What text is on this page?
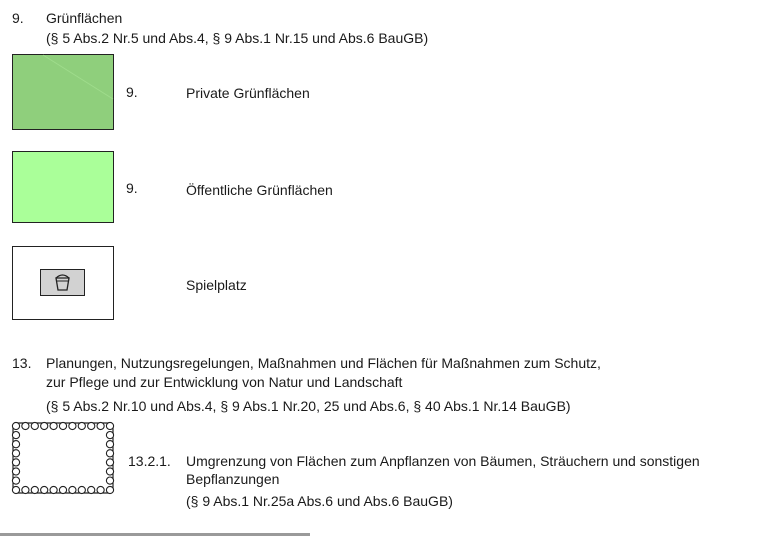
9. Grünflächen
(§ 5 Abs.2 Nr.5 und Abs.4, § 9 Abs.1 Nr.15 und Abs.6 BauGB)
9.	Private Grünflächen
9.	Öffentliche Grünflächen
Spielplatz
13. Planungen, Nutzungsregelungen, Maßnahmen und Flächen für Maßnahmen zum Schutz,
zur Pflege und zur Entwicklung von Natur und Landschaft
(§ 5 Abs.2 Nr.10 und Abs.4, § 9 Abs.1 Nr.20, 25 und Abs.6, § 40 Abs.1 Nr.14 BauGB)
13.2.1. Umgrenzung von Flächen zum Anpflanzen von Bäumen, Sträuchern und sonstigen
Bepflanzungen
(§ 9 Abs.1 Nr.25a Abs.6 und Abs.6 BauGB)
